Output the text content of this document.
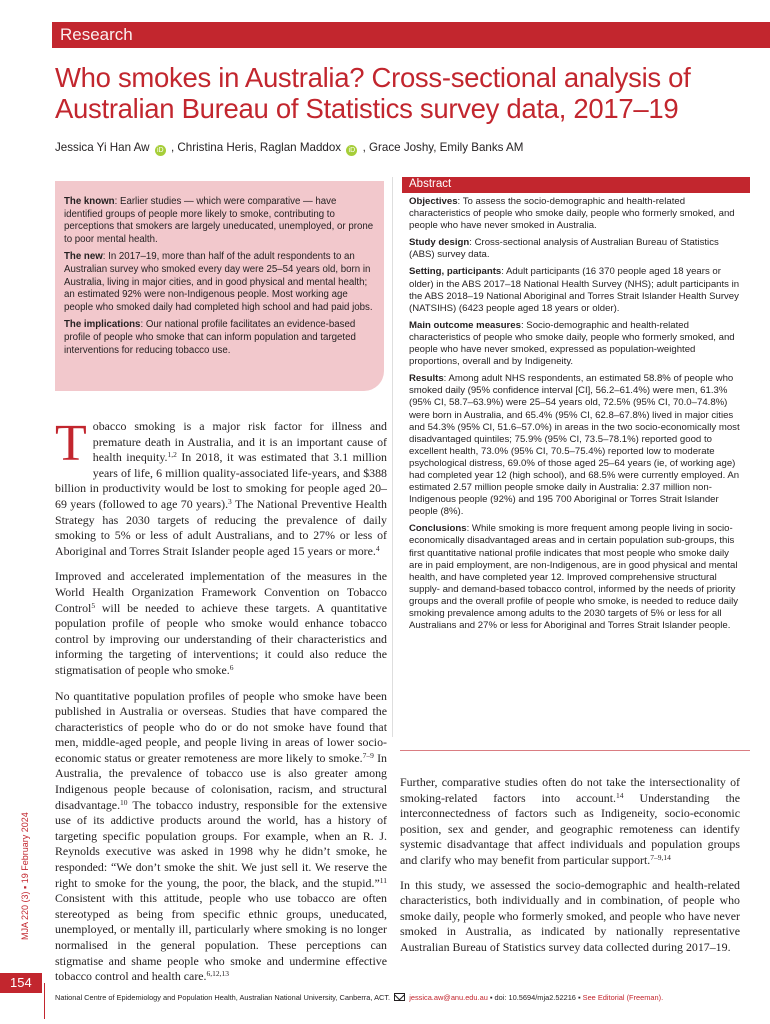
Research
Who smokes in Australia? Cross-sectional analysis of Australian Bureau of Statistics survey data, 2017–19
Jessica Yi Han Aw iD , Christina Heris, Raglan Maddox iD , Grace Joshy, Emily Banks AM

The known: Earlier studies — which were comparative — have identified groups of people more likely to smoke, contributing to perceptions that smokers are largely uneducated, unemployed, or prone to poor mental health.

The new: In 2017–19, more than half of the adult respondents to an Australian survey who smoked every day were 25–54 years old, born in Australia, living in major cities, and in good physical and mental health; an estimated 92% were non-Indigenous people. Most working age people who smoked daily had completed high school and had paid jobs.

The implications: Our national profile facilitates an evidence-based profile of people who smoke that can inform population and targeted interventions for reducing tobacco use.

Abstract

Objectives: To assess the socio-demographic and health-related characteristics of people who smoke daily, people who formerly smoked, and people who have never smoked in Australia.

Study design: Cross-sectional analysis of Australian Bureau of Statistics (ABS) survey data.

Setting, participants: Adult participants (16 370 people aged 18 years or older) in the ABS 2017–18 National Health Survey (NHS); adult participants in the ABS 2018–19 National Aboriginal and Torres Strait Islander Health Survey (NATSIHS) (6423 people aged 18 years or older).

Main outcome measures: Socio-demographic and health-related characteristics of people who smoke daily, people who formerly smoked, and people who have never smoked, expressed as population-weighted proportions, overall and by Indigeneity.

Results: Among adult NHS respondents, an estimated 58.8% of people who smoked daily (95% confidence interval [CI], 56.2–61.4%) were men, 61.3% (95% CI, 58.7–63.9%) were 25–54 years old, 72.5% (95% CI, 70.0–74.8%) were born in Australia, and 65.4% (95% CI, 62.8–67.8%) lived in major cities and 54.3% (95% CI, 51.6–57.0%) in areas in the two socio-economically most disadvantaged quintiles; 75.9% (95% CI, 73.5–78.1%) reported good to excellent health, 73.0% (95% CI, 70.5–75.4%) reported low to moderate psychological distress, 69.0% of those aged 25–64 years (ie, of working age) had completed year 12 (high school), and 68.5% were currently employed. An estimated 2.57 million people smoke daily in Australia: 2.37 million non-Indigenous people (92%) and 195 700 Aboriginal or Torres Strait Islander people (8%).

Conclusions: While smoking is more frequent among people living in socio-economically disadvantaged areas and in certain population sub-groups, this first quantitative national profile indicates that most people who smoke daily are in paid employment, are non-Indigenous, are in good physical and mental health, and have completed year 12. Improved comprehensive structural supply- and demand-based tobacco control, informed by the needs of priority groups and the overall profile of people who smoke, is needed to reduce daily smoking prevalence among adults to the 2030 targets of 5% or less for all Australians and 27% or less for Aboriginal and Torres Strait Islander people.

Tobacco smoking is a major risk factor for illness and premature death in Australia, and it is an important cause of health inequity.$^{1,2}$ In 2018, it was estimated that 3.1 million years of life, 6 million quality-associated life-years, and $388 billion in productivity would be lost to smoking for people aged 20–69 years (followed to age 70 years).$^3$ The National Preventive Health Strategy has 2030 targets of reducing the prevalence of daily smoking to 5% or less of adult Australians, and to 27% or less of Aboriginal and Torres Strait Islander people aged 15 years or more.$^4$

Improved and accelerated implementation of the measures in the World Health Organization Framework Convention on Tobacco Control$^5$ will be needed to achieve these targets. A quantitative population profile of people who smoke would enhance tobacco control by improving our understanding of their characteristics and informing the targeting of interventions; it could also reduce the stigmatisation of people who smoke.$^6$

No quantitative population profiles of people who smoke have been published in Australia or overseas. Studies that have compared the characteristics of people who do or do not smoke have found that men, middle-aged people, and people living in areas of lower socio-economic status or greater remoteness are more likely to smoke.$^{7-9}$ In Australia, the prevalence of tobacco use is also greater among Indigenous people because of colonisation, racism, and structural disadvantage.$^{10}$ The tobacco industry, responsible for the extensive use of its addictive products around the world, has a history of targeting specific population groups. For example, when an R. J. Reynolds executive was asked in 1998 why he didn’t smoke, he responded: “We don’t smoke the shit. We just sell it. We reserve the right to smoke for the young, the poor, the black, and the stupid.”$^{11}$ Consistent with this attitude, people who use tobacco are often stereotyped as being from specific ethnic groups, uneducated, unemployed, or mentally ill, particularly where smoking is no longer normalised in the general population. These perceptions can stigmatise and shame people who smoke and undermine effective tobacco control and health care.$^{6,12,13}$

Further, comparative studies often do not take the intersectionality of smoking-related factors into account.$^{14}$ Understanding the interconnectedness of factors such as Indigeneity, socio-economic position, sex and gender, and geographic remoteness can identify systemic disadvantage that affect individuals and population groups and clarify who may benefit from particular support.$^{7-9,14}$

In this study, we assessed the socio-demographic and health-related characteristics, both individually and in combination, of people who smoke daily, people who formerly smoked, and people who have never smoked in Australia, as indicated by nationally representative Australian Bureau of Statistics survey data collected during 2017–19.

MJA 220 (3) ▪ 19 February 2024
154
National Centre of Epidemiology and Population Health, Australian National University, Canberra, ACT.	jessica.aw@anu.edu.au ▪ doi: 10.5694/mja2.52216 ▪ See Editorial (Freeman).
